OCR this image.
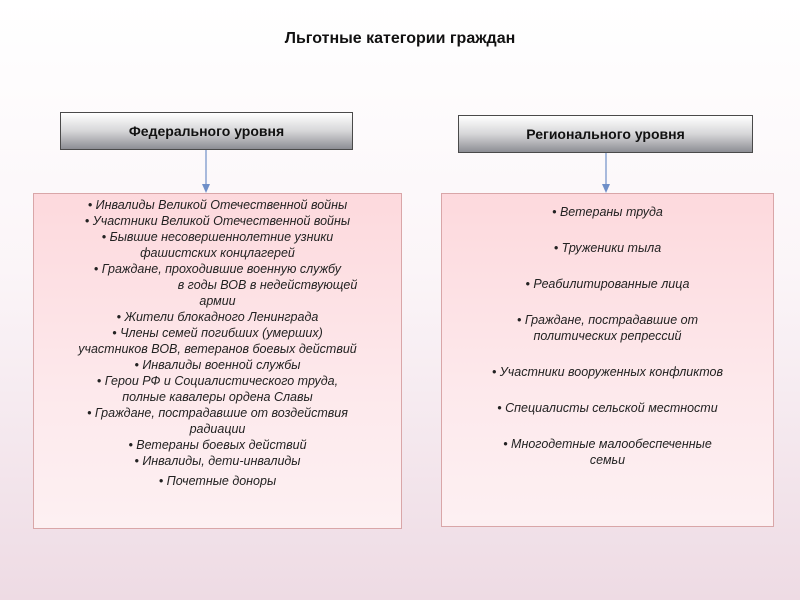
Льготные категории граждан
Федерального уровня	Регионального уровня
• Инвалиды Великой Отечественной войны
• Участники Великой Отечественной войны
• Бывшие несовершеннолетние узники
фашистских концлагерей
• Граждане, проходившие военную службу
в годы ВОВ в недействующей
армии
• Жители блокадного Ленинграда
• Члены семей погибших (умерших)
участников ВОВ, ветеранов боевых действий
• Инвалиды военной службы
• Герои РФ и Социалистического труда,
полные кавалеры ордена Славы
• Граждане, пострадавшие от воздействия
радиации
• Ветераны боевых действий
• Инвалиды, дети-инвалиды
• Почетные доноры
• Ветераны труда
• Труженики тыла
• Реабилитированные лица
• Граждане, пострадавшие от
политических репрессий
• Участники вооруженных конфликтов
• Специалисты сельской местности
• Многодетные малообеспеченные
семьи
